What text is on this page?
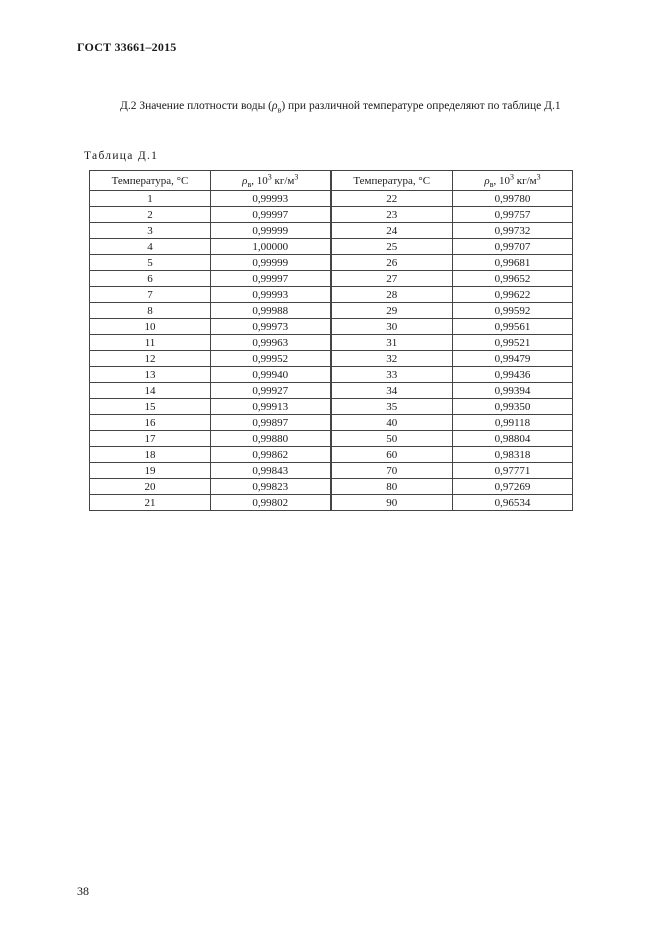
ГОСТ 33661–2015
Д.2 Значение плотности воды $(\rho_в)$ при различной температуре определяют по таблице Д.1
Таблица Д.1
Температура, °С	$\rho_в$, $10^3$ $кг/м^3$	Температура, °С	$\rho_в$, $10^3$ $кг/м^3$
1	0,99993	22	0,99780
2	0,99997	23	0,99757
3	0,99999	24	0,99732
4	1,00000	25	0,99707
5	0,99999	26	0,99681
6	0,99997	27	0,99652
7	0,99993	28	0,99622
8	0,99988	29	0,99592
10	0,99973	30	0,99561
11	0,99963	31	0,99521
12	0,99952	32	0,99479
13	0,99940	33	0,99436
14	0,99927	34	0,99394
15	0,99913	35	0,99350
16	0,99897	40	0,99118
17	0,99880	50	0,98804
18	0,99862	60	0,98318
19	0,99843	70	0,97771
20	0,99823	80	0,97269
21	0,99802	90	0,96534
38
